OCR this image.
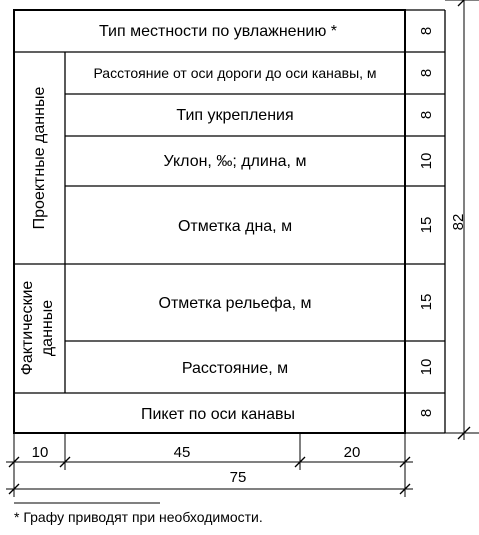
Тип местности по увлажнению *
Расстояние от оси дороги до оси канавы, м
Тип укрепления
Уклон, ‰; длина, м
Отметка дна, м
Отметка рельефа, м
Расстояние, м
Пикет по оси канавы
Проектные данные
Фактические данные
8
8
8
10
15
15
10
8
82
10	45	20
75
* Графу приводят при необходимости.
